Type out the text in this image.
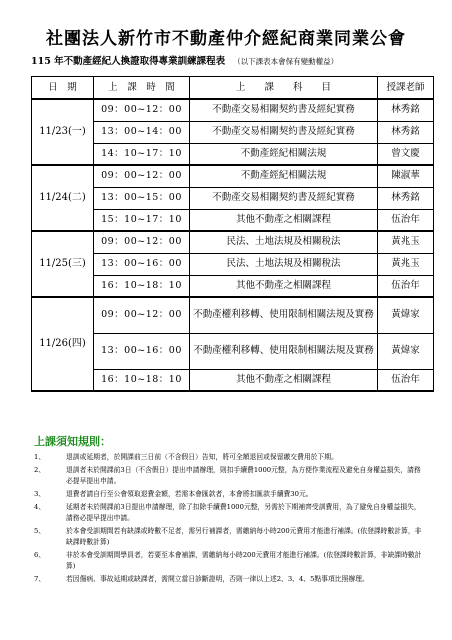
社團法人新竹市不動產仲介經紀商業同業公會
115 年不動產經紀人換證取得專業訓練課程表 （以下課表本會保有變動權益）
日　期	上　課　時　間	上　　課　　科　　目	授課老師
11/23(一)	09：00~12：00	不動產交易相關契約書及經紀實務	林秀銘
	13：00~14：00	不動產交易相關契約書及經紀實務	林秀銘
	14：10~17：10	不動產經紀相關法規	曾文慶
11/24(二)	09：00~12：00	不動產經紀相關法規	陳淑華
	13：00~15：00	不動產交易相關契約書及經紀實務	林秀銘
	15：10~17：10	其他不動產之相關課程	伍治年
11/25(三)	09：00~12：00	民法、土地法規及相關稅法	黃兆玉
	13：00~16：00	民法、土地法規及相關稅法	黃兆玉
	16：10~18：10	其他不動產之相關課程	伍治年
11/26(四)	09：00~12：00	不動產權利移轉、使用限制相關法規及實務	黃煒家
	13：00~16：00	不動產權利移轉、使用限制相關法規及實務	黃煒家
	16：10~18：10	其他不動產之相關課程	伍治年
上課須知規則：
1、	退訓或延期者，於開課前三日前（不含假日）告知，將可全額退回或保留繳交費用於下期。
2、	退訓者未於開課前3日（不含假日）提出申請辦理，則扣手續費1000元整，為方便作業流程及避免自身權益損失，請務必提早提出申請。
3、	退費者請自行至公會領取退費金額，若需本會匯款者，本會將扣匯款手續費30元。
4、	延期者未於開課前3日提出申請辦理，除了扣除手續費1000元整，另需於下期補齊受訓費用，為了避免自身權益損失，請務必提早提出申請。
5、	於本會受訓期間若有缺課或時數不足者，需另行補課者，需繳納每小時200元費用才能進行補課。(依登課時數計算，非缺課時數計算)
6、	非於本會受訓期間學員者，若要至本會補課，需繳納每小時200元費用才能進行補課。(依登課時數計算，非缺課時數計算)
7、	若因傷病、事故延期或缺課者，需開立當日診斷證明，否則一律以上述2、3、4、5點事項比照辦理。
